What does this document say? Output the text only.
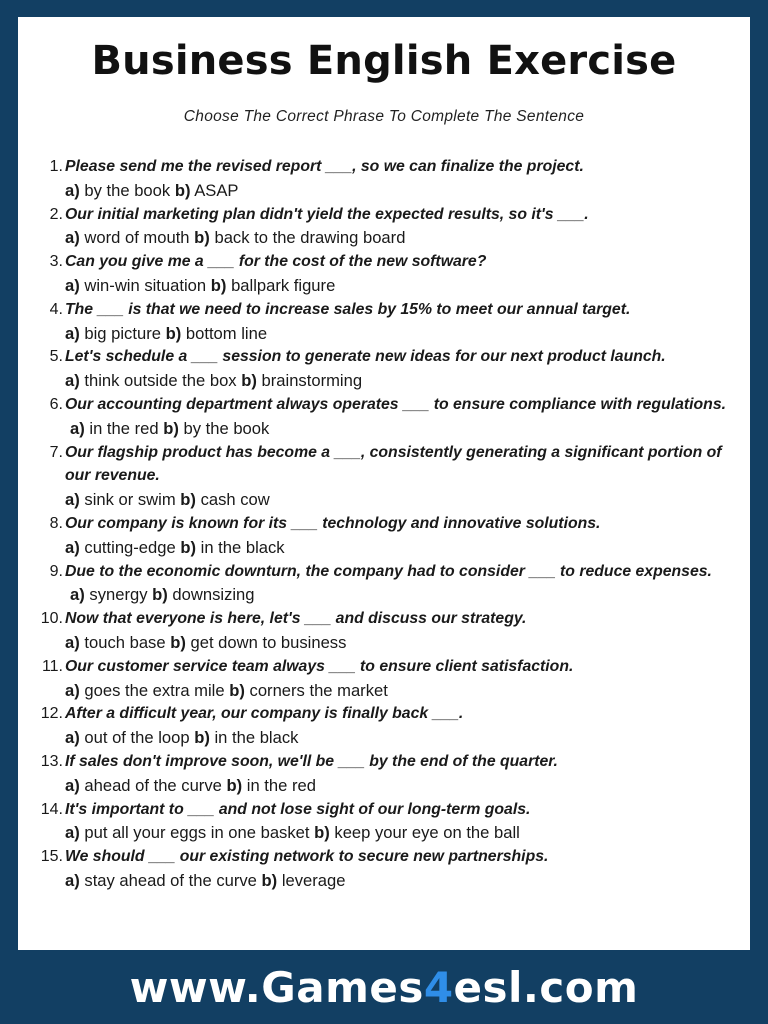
Business English Exercise
Choose The Correct Phrase To Complete The Sentence
1. Please send me the revised report ___, so we can finalize the project.
a) by the book b) ASAP
2. Our initial marketing plan didn't yield the expected results, so it's ___.
a) word of mouth b) back to the drawing board
3. Can you give me a ___ for the cost of the new software?
a) win-win situation b) ballpark figure
4. The ___ is that we need to increase sales by 15% to meet our annual target.
a) big picture b) bottom line
5. Let's schedule a ___ session to generate new ideas for our next product launch.
a) think outside the box b) brainstorming
6. Our accounting department always operates ___ to ensure compliance with regulations.
a) in the red b) by the book
7. Our flagship product has become a ___, consistently generating a significant portion of our revenue.
a) sink or swim b) cash cow
8. Our company is known for its ___ technology and innovative solutions.
a) cutting-edge b) in the black
9. Due to the economic downturn, the company had to consider ___ to reduce expenses.
a) synergy b) downsizing
10. Now that everyone is here, let's ___ and discuss our strategy.
a) touch base b) get down to business
11. Our customer service team always ___ to ensure client satisfaction.
a) goes the extra mile b) corners the market
12. After a difficult year, our company is finally back ___.
a) out of the loop b) in the black
13. If sales don't improve soon, we'll be ___ by the end of the quarter.
a) ahead of the curve b) in the red
14. It's important to ___ and not lose sight of our long-term goals.
a) put all your eggs in one basket b) keep your eye on the ball
15. We should ___ our existing network to secure new partnerships.
a) stay ahead of the curve b) leverage
www.Games4esl.com
